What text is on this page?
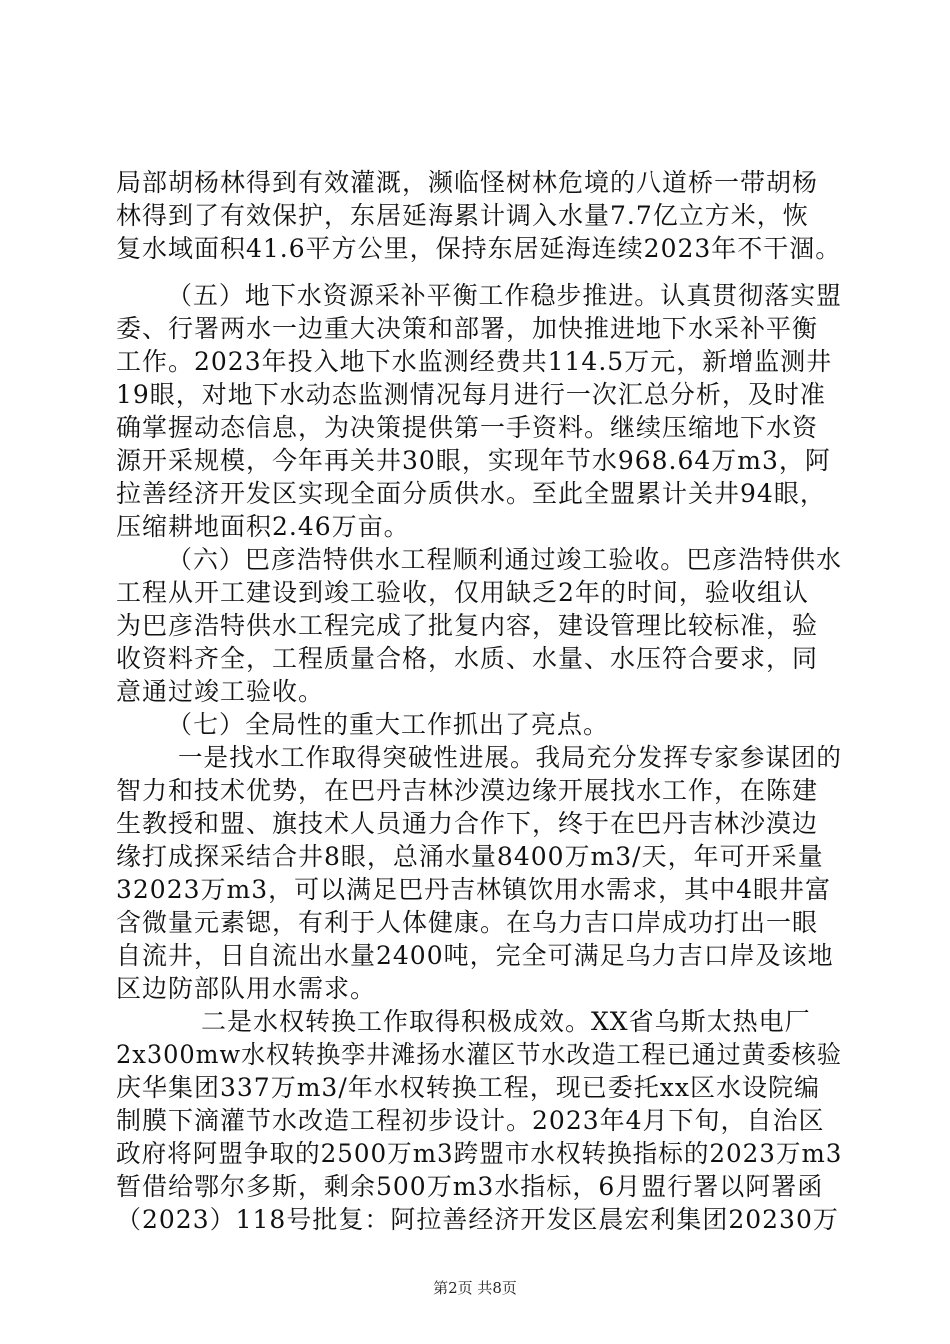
局部胡杨林得到有效灌溉，濒临怪树林危境的八道桥一带胡杨

林得到了有效保护，东居延海累计调入水量7.7亿立方米，恢

复水域面积41.6平方公里，保持东居延海连续2023年不干涸。

（五）地下水资源采补平衡工作稳步推进。认真贯彻落实盟

委、行署两水一边重大决策和部署，加快推进地下水采补平衡

工作。2023年投入地下水监测经费共114.5万元，新增监测井

19眼，对地下水动态监测情况每月进行一次汇总分析，及时准

确掌握动态信息，为决策提供第一手资料。继续压缩地下水资

源开采规模，今年再关井30眼，实现年节水968.64万m3，阿

拉善经济开发区实现全面分质供水。至此全盟累计关井94眼，

压缩耕地面积2.46万亩。

（六）巴彦浩特供水工程顺利通过竣工验收。巴彦浩特供水

工程从开工建设到竣工验收，仅用缺乏2年的时间，验收组认

为巴彦浩特供水工程完成了批复内容，建设管理比较标准，验

收资料齐全，工程质量合格，水质、水量、水压符合要求，同

意通过竣工验收。

（七）全局性的重大工作抓出了亮点。

一是找水工作取得突破性进展。我局充分发挥专家参谋团的

智力和技术优势，在巴丹吉林沙漠边缘开展找水工作，在陈建

生教授和盟、旗技术人员通力合作下，终于在巴丹吉林沙漠边

缘打成探采结合井8眼，总涌水量8400万m3/天，年可开采量

32023万m3，可以满足巴丹吉林镇饮用水需求，其中4眼井富

含微量元素锶，有利于人体健康。在乌力吉口岸成功打出一眼

自流井，日自流出水量2400吨，完全可满足乌力吉口岸及该地

区边防部队用水需求。

二是水权转换工作取得积极成效。XX省乌斯太热电厂

2x300mw水权转换孪井滩扬水灌区节水改造工程已通过黄委核验

庆华集团337万m3/年水权转换工程，现已委托xx区水设院编

制膜下滴灌节水改造工程初步设计。2023年4月下旬，自治区

政府将阿盟争取的2500万m3跨盟市水权转换指标的2023万m3

暂借给鄂尔多斯，剩余500万m3水指标，6月盟行署以阿署函

（2023）118号批复：阿拉善经济开发区晨宏利集团20230万

第2页 共8页
